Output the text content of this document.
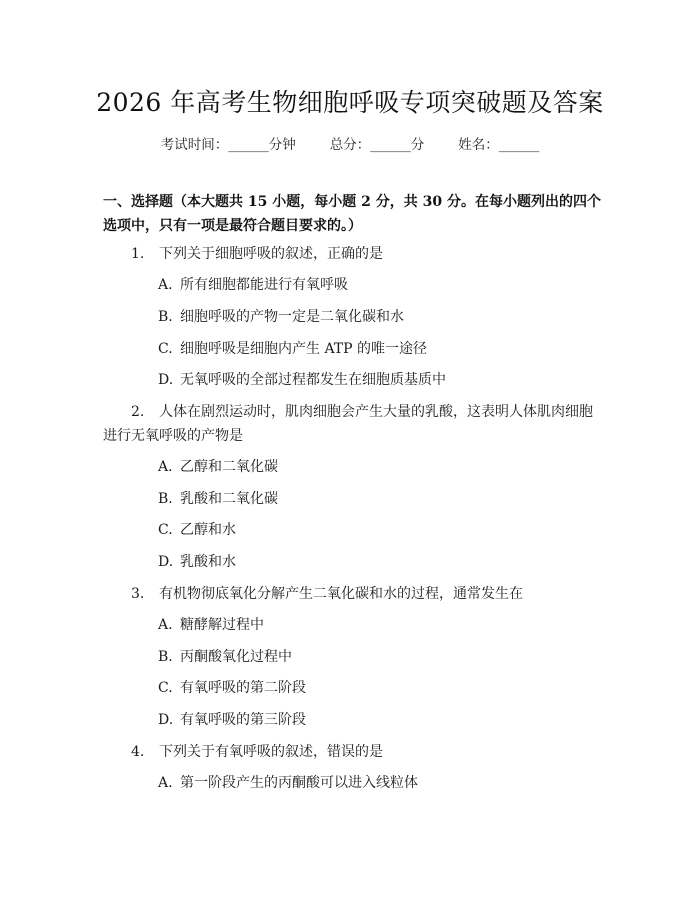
2026 年高考生物细胞呼吸专项突破题及答案
考试时间：______分钟	总分：______分	姓名：______
一、选择题（本大题共 15 小题，每小题 2 分，共 30 分。在每小题列出的四个选项中，只有一项是最符合题目要求的。）
1. 下列关于细胞呼吸的叙述，正确的是
A. 所有细胞都能进行有氧呼吸
B. 细胞呼吸的产物一定是二氧化碳和水
C. 细胞呼吸是细胞内产生 ATP 的唯一途径
D. 无氧呼吸的全部过程都发生在细胞质基质中
2. 人体在剧烈运动时，肌肉细胞会产生大量的乳酸，这表明人体肌肉细胞进行无氧呼吸的产物是
A. 乙醇和二氧化碳
B. 乳酸和二氧化碳
C. 乙醇和水
D. 乳酸和水
3. 有机物彻底氧化分解产生二氧化碳和水的过程，通常发生在
A. 糖酵解过程中
B. 丙酮酸氧化过程中
C. 有氧呼吸的第二阶段
D. 有氧呼吸的第三阶段
4. 下列关于有氧呼吸的叙述，错误的是
A. 第一阶段产生的丙酮酸可以进入线粒体
